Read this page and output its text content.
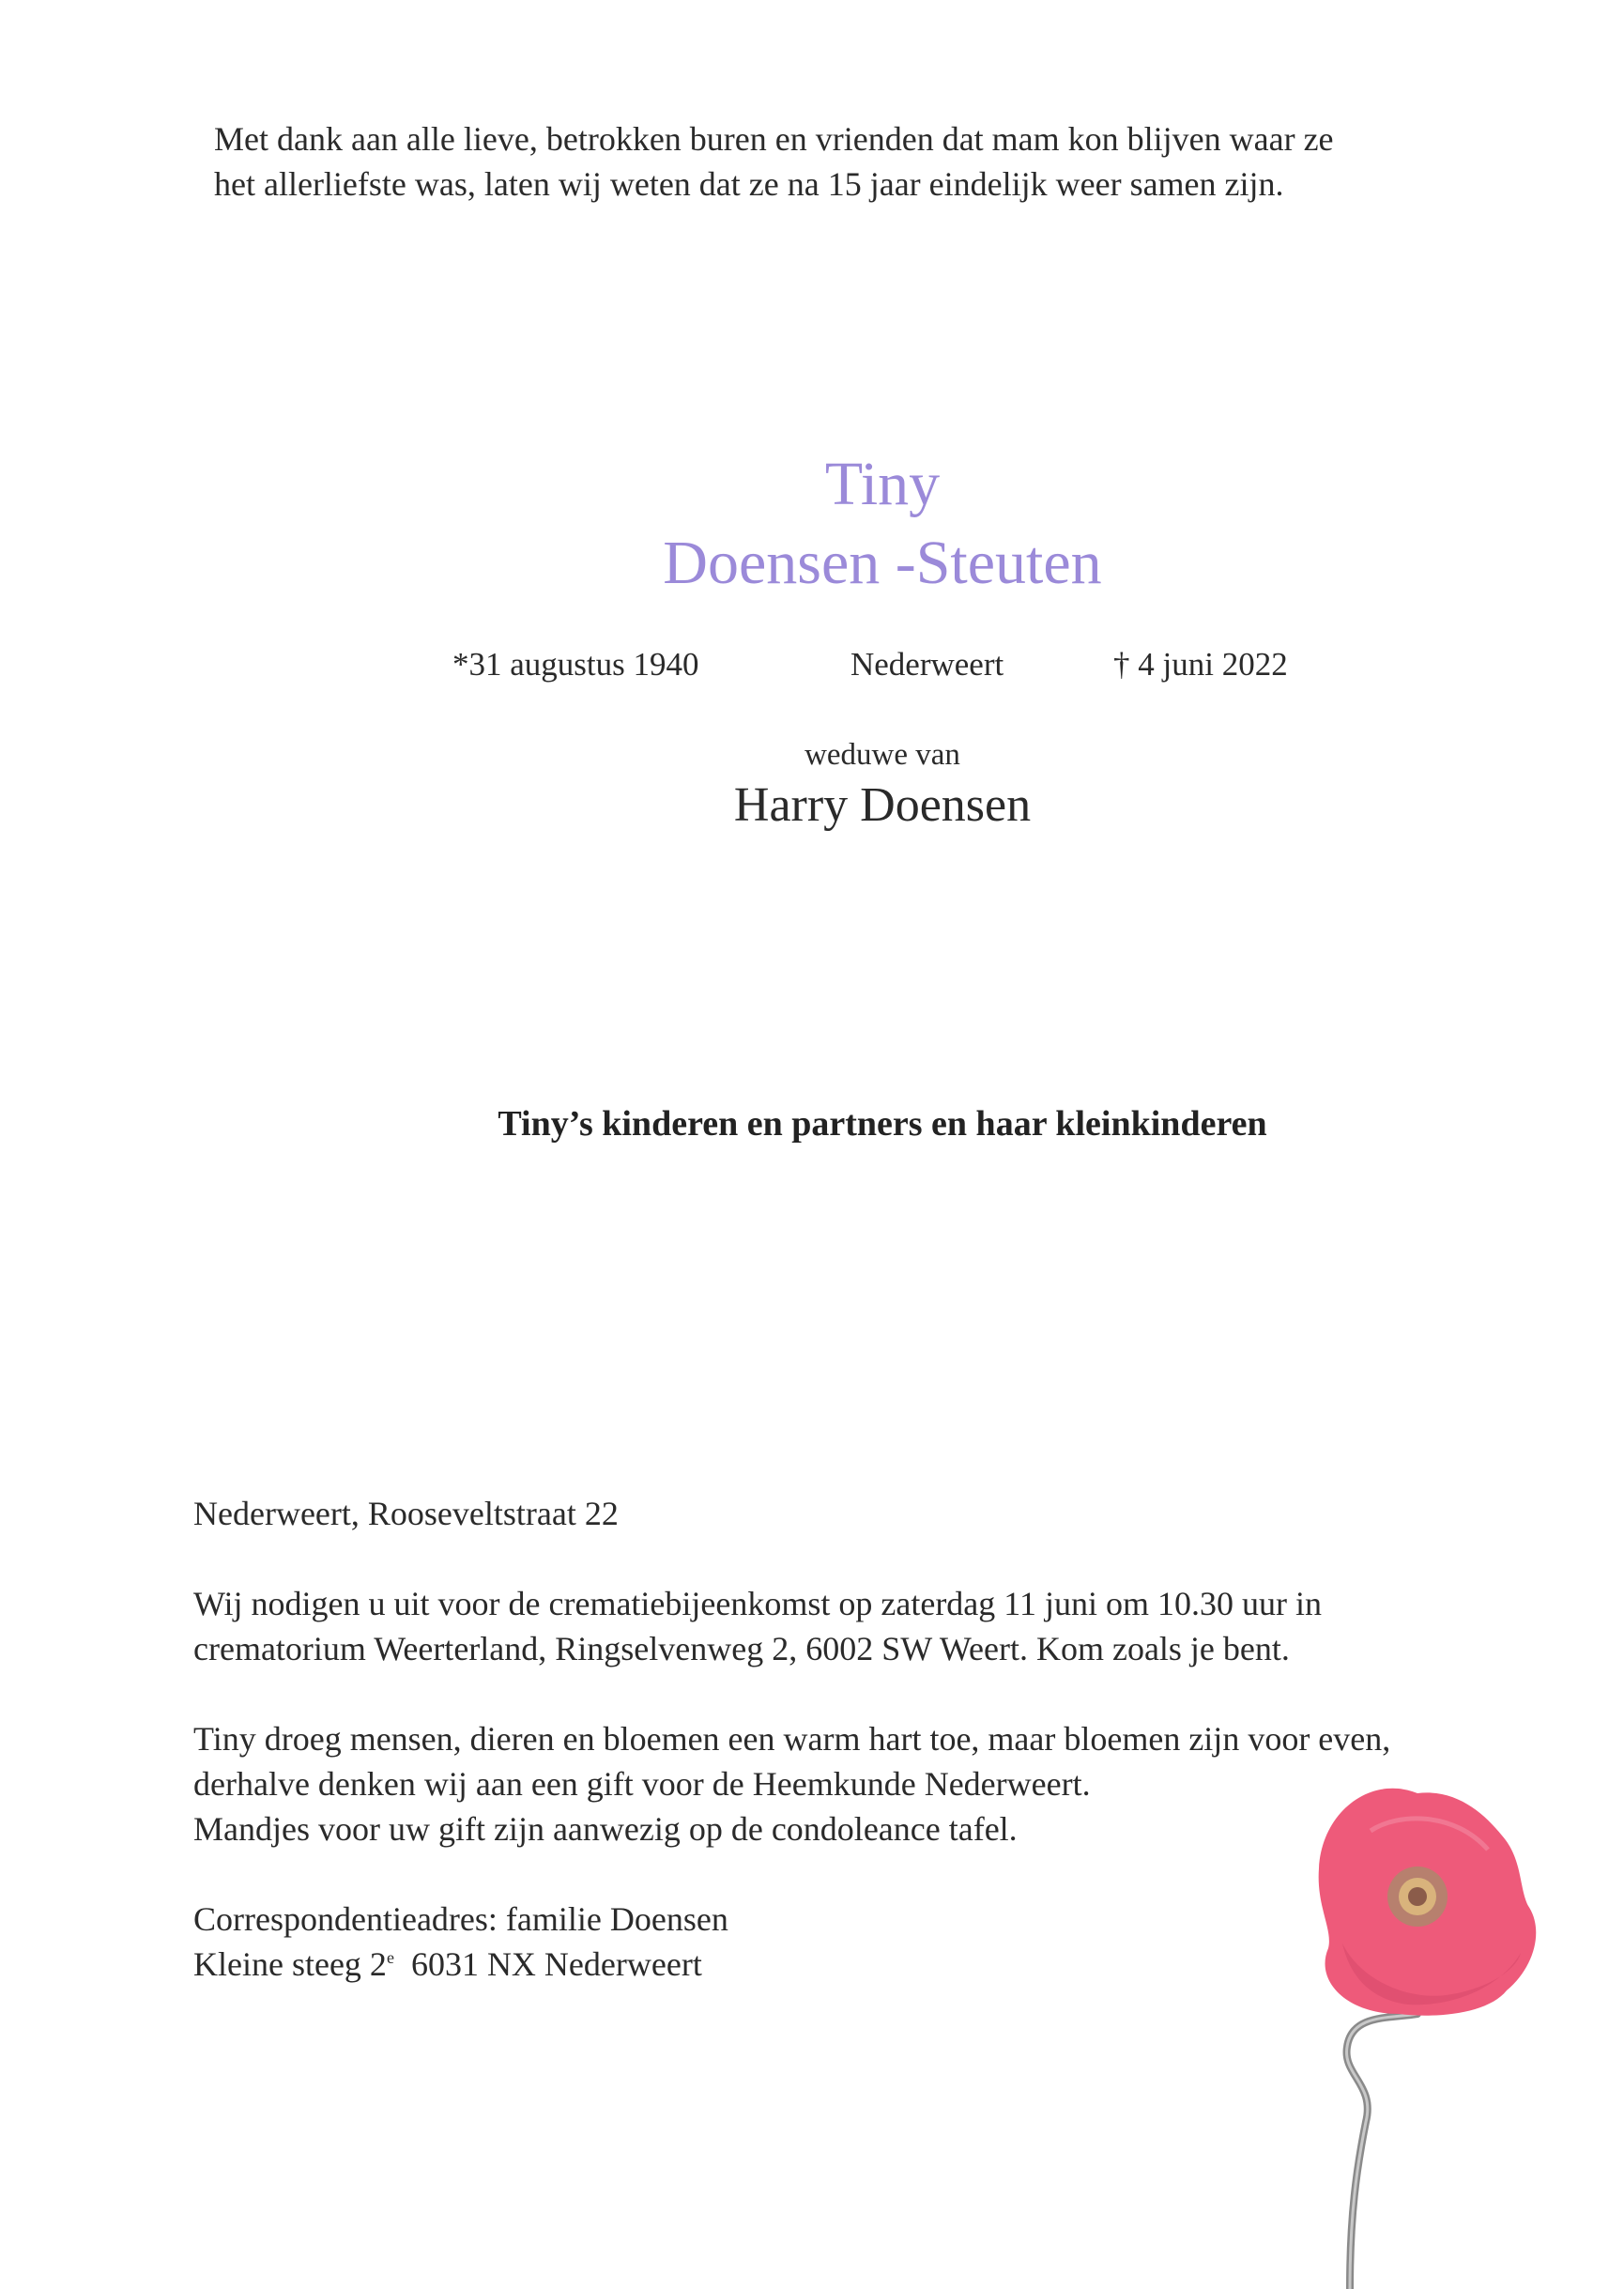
Met dank aan alle lieve, betrokken buren en vrienden dat mam kon blijven waar ze

het allerliefste was, laten wij weten dat ze na 15 jaar eindelijk weer samen zijn.

Tiny
Doensen -Steuten
*31 augustus 1940	Nederweert	† 4 juni 2022
weduwe van
Harry Doensen
Tiny’s kinderen en partners en haar kleinkinderen

Nederweert, Rooseveltstraat 22

Wij nodigen u uit voor de crematiebijeenkomst op zaterdag 11 juni om 10.30 uur in

crematorium Weerterland, Ringselvenweg 2, 6002 SW Weert. Kom zoals je bent.

Tiny droeg mensen, dieren en bloemen een warm hart toe, maar bloemen zijn voor even,

derhalve denken wij aan een gift voor de Heemkunde Nederweert.

Mandjes voor uw gift zijn aanwezig op de condoleance tafel.

Correspondentieadres: familie Doensen

Kleine steeg 2e 6031 NX Nederweert
